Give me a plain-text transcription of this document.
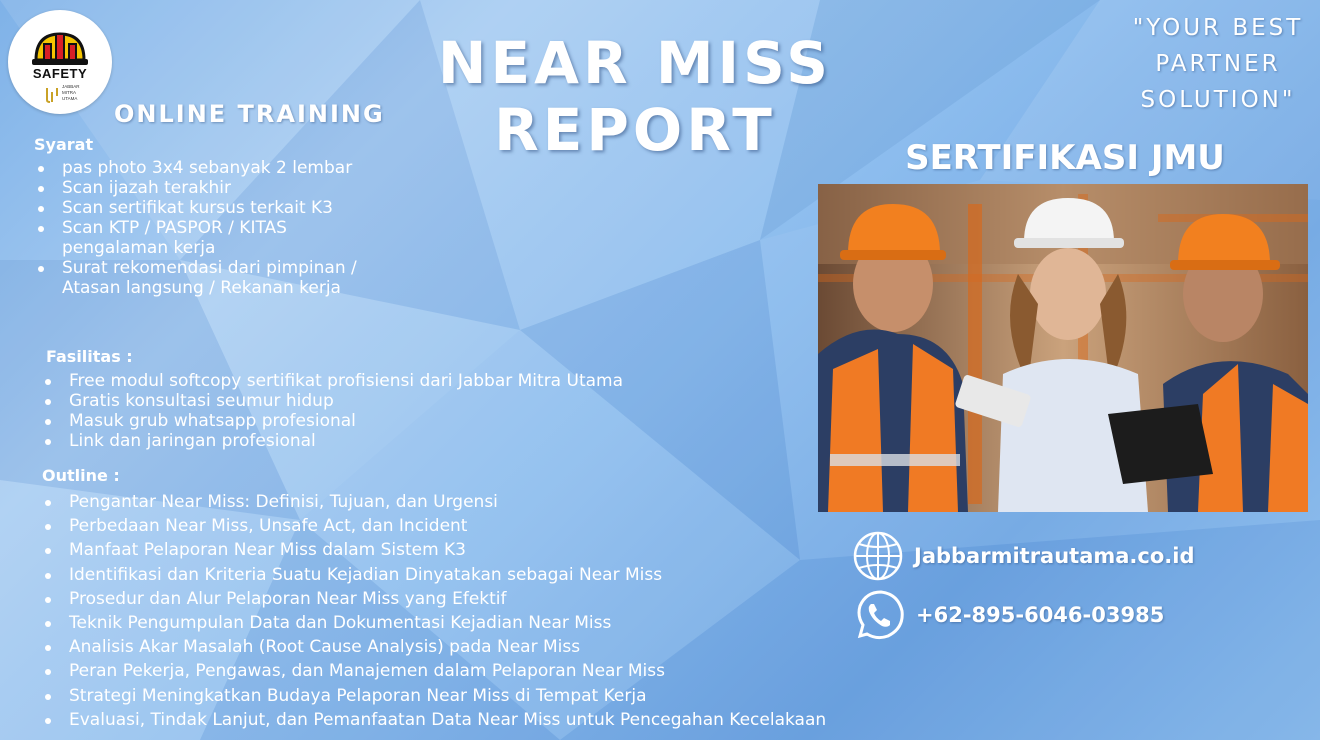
SAFETY
JABBAR
MITRA
UTAMA
NEAR MISS
REPORT
ONLINE TRAINING
"YOUR BEST
PARTNER
SOLUTION"
SERTIFIKASI JMU
Syarat
pas photo 3x4 sebanyak 2 lembar
Scan ijazah terakhir
Scan sertifikat kursus terkait K3
Scan KTP / PASPOR / KITAS pengalaman kerja
Surat rekomendasi dari pimpinan / Atasan langsung / Rekanan kerja
Fasilitas :
Free modul softcopy sertifikat profisiensi dari Jabbar Mitra Utama
Gratis konsultasi seumur hidup
Masuk grub whatsapp profesional
Link dan jaringan profesional
Outline :
Pengantar Near Miss: Definisi, Tujuan, dan Urgensi
Perbedaan Near Miss, Unsafe Act, dan Incident
Manfaat Pelaporan Near Miss dalam Sistem K3
Identifikasi dan Kriteria Suatu Kejadian Dinyatakan sebagai Near Miss
Prosedur dan Alur Pelaporan Near Miss yang Efektif
Teknik Pengumpulan Data dan Dokumentasi Kejadian Near Miss
Analisis Akar Masalah (Root Cause Analysis) pada Near Miss
Peran Pekerja, Pengawas, dan Manajemen dalam Pelaporan Near Miss
Strategi Meningkatkan Budaya Pelaporan Near Miss di Tempat Kerja
Evaluasi, Tindak Lanjut, dan Pemanfaatan Data Near Miss untuk Pencegahan Kecelakaan
Jabbarmitrautama.co.id
+62-895-6046-03985
